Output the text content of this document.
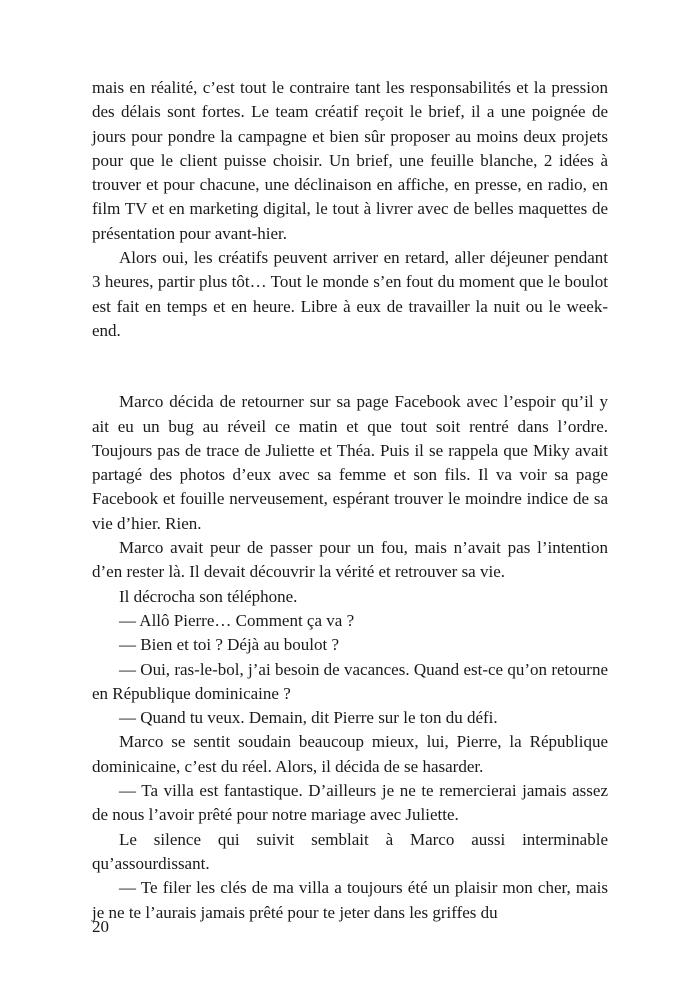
mais en réalité, c’est tout le contraire tant les responsabilités et la pression des délais sont fortes. Le team créatif reçoit le brief, il a une poignée de jours pour pondre la campagne et bien sûr proposer au moins deux projets pour que le client puisse choisir. Un brief, une feuille blanche, 2 idées à trouver et pour chacune, une déclinaison en affiche, en presse, en radio, en film TV et en marketing digital, le tout à livrer avec de belles maquettes de présentation pour avant-hier.

Alors oui, les créatifs peuvent arriver en retard, aller déjeuner pendant 3 heures, partir plus tôt… Tout le monde s’en fout du moment que le boulot est fait en temps et en heure. Libre à eux de travailler la nuit ou le week-end.

Marco décida de retourner sur sa page Facebook avec l’espoir qu’il y ait eu un bug au réveil ce matin et que tout soit rentré dans l’ordre. Toujours pas de trace de Juliette et Théa. Puis il se rappela que Miky avait partagé des photos d’eux avec sa femme et son fils. Il va voir sa page Facebook et fouille nerveusement, espérant trouver le moindre indice de sa vie d’hier. Rien.

Marco avait peur de passer pour un fou, mais n’avait pas l’intention d’en rester là. Il devait découvrir la vérité et retrouver sa vie.

Il décrocha son téléphone.

— Allô Pierre… Comment ça va ?

— Bien et toi ? Déjà au boulot ?

— Oui, ras-le-bol, j’ai besoin de vacances. Quand est-ce qu’on retourne en République dominicaine ?

— Quand tu veux. Demain, dit Pierre sur le ton du défi.

Marco se sentit soudain beaucoup mieux, lui, Pierre, la République dominicaine, c’est du réel. Alors, il décida de se hasarder.

— Ta villa est fantastique. D’ailleurs je ne te remercierai jamais assez de nous l’avoir prêté pour notre mariage avec Juliette.

Le silence qui suivit semblait à Marco aussi interminable qu’assourdissant.

— Te filer les clés de ma villa a toujours été un plaisir mon cher, mais je ne te l’aurais jamais prêté pour te jeter dans les griffes du

20
